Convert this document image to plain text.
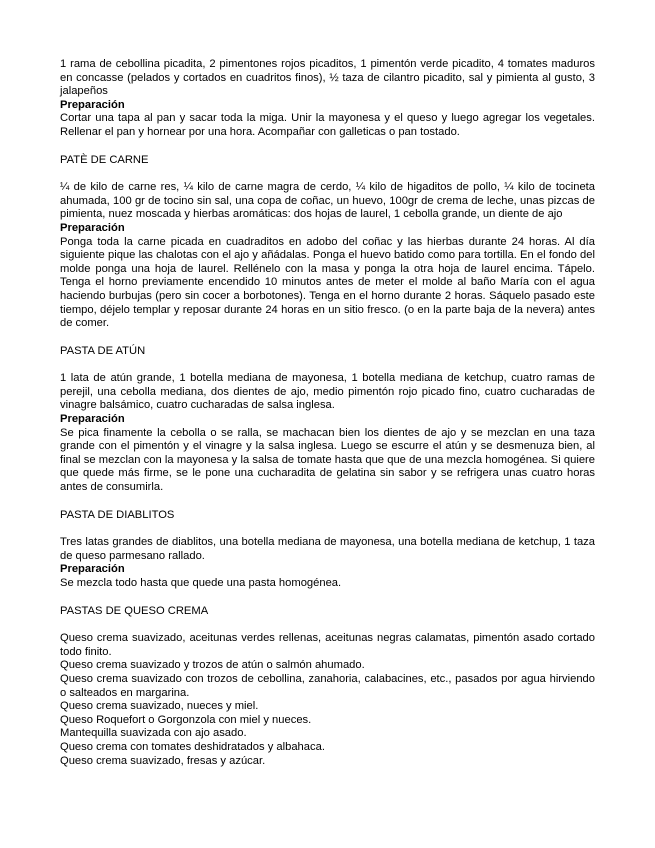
1 rama de cebollina picadita, 2 pimentones rojos picaditos, 1 pimentón verde picadito, 4 tomates maduros en concasse (pelados y cortados en cuadritos finos), ½ taza de cilantro picadito, sal y pimienta al gusto, 3 jalapeños

Preparación

Cortar una tapa al pan y sacar toda la miga. Unir la mayonesa y el queso y luego agregar los vegetales. Rellenar el pan y hornear por una hora. Acompañar con galleticas o pan tostado.

PATÈ DE CARNE

¼ de kilo de carne res, ¼ kilo de carne magra de cerdo, ¼ kilo de higaditos de pollo, ¼ kilo de tocineta ahumada, 100 gr de tocino sin sal, una copa de coñac, un huevo, 100gr de crema de leche, unas pizcas de pimienta, nuez moscada y hierbas aromáticas: dos hojas de laurel, 1 cebolla grande, un diente de ajo

Preparación

Ponga toda la carne picada en cuadraditos en adobo del coñac y las hierbas durante 24 horas. Al día siguiente pique las chalotas con el ajo y añádalas. Ponga el huevo batido como para tortilla. En el fondo del molde ponga una hoja de laurel. Rellénelo con la masa y ponga la otra hoja de laurel encima. Tápelo. Tenga el horno previamente encendido 10 minutos antes de meter el molde al baño María con el agua haciendo burbujas (pero sin cocer a borbotones). Tenga en el horno durante 2 horas. Sáquelo pasado este tiempo, déjelo templar y reposar durante 24 horas en un sitio fresco. (o en la parte baja de la nevera) antes de comer.

PASTA DE ATÚN

1 lata de atún grande, 1 botella mediana de mayonesa, 1 botella mediana de ketchup, cuatro ramas de perejil, una cebolla mediana, dos dientes de ajo, medio pimentón rojo picado fino, cuatro cucharadas de vinagre balsámico, cuatro cucharadas de salsa inglesa.

Preparación

Se pica finamente la cebolla o se ralla, se machacan bien los dientes de ajo y se mezclan en una taza grande con el pimentón y el vinagre y la salsa inglesa. Luego se escurre el atún y se desmenuza bien, al final se mezclan con la mayonesa y la salsa de tomate hasta que que de una mezcla homogénea. Si quiere que quede más firme, se le pone una cucharadita de gelatina sin sabor y se refrigera unas cuatro horas antes de consumirla.

PASTA DE DIABLITOS

Tres latas grandes de diablitos, una botella mediana de mayonesa, una botella mediana de ketchup, 1 taza de queso parmesano rallado.

Preparación

Se mezcla todo hasta que quede una pasta homogénea.

PASTAS DE QUESO CREMA

Queso crema suavizado, aceitunas verdes rellenas, aceitunas negras calamatas, pimentón asado cortado todo finito.

Queso crema suavizado y trozos de atún o salmón ahumado.

Queso crema suavizado con trozos de cebollina, zanahoria, calabacines, etc., pasados por agua hirviendo o salteados en margarina.

Queso crema suavizado, nueces y miel.

Queso Roquefort o Gorgonzola con miel y nueces.

Mantequilla suavizada con ajo asado.

Queso crema con tomates deshidratados y albahaca.

Queso crema suavizado, fresas y azúcar.
